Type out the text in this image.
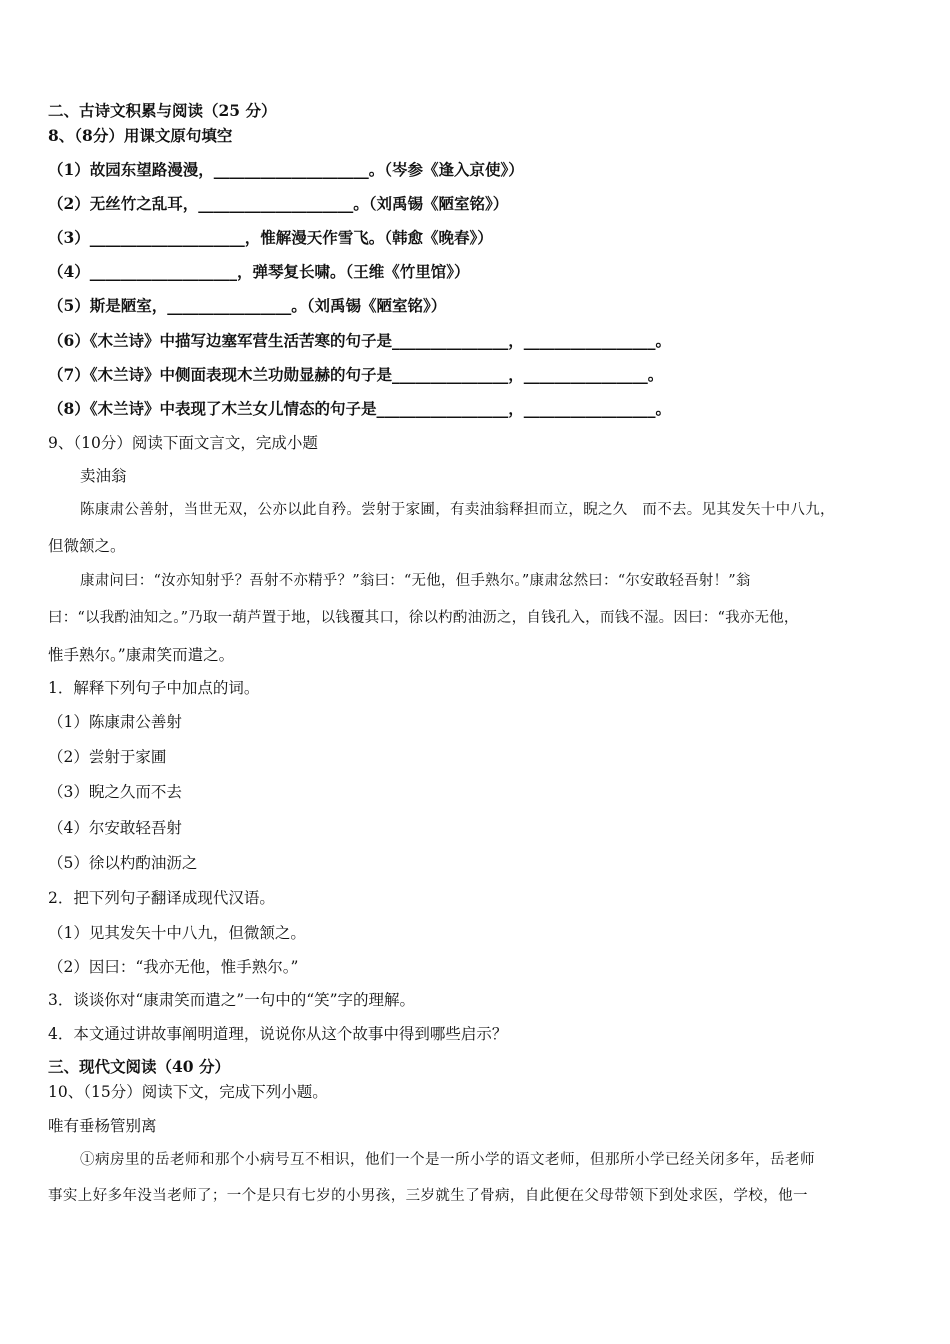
二、古诗文积累与阅读（25 分）
8、（8分）用课文原句填空
（1）故园东望路漫漫，____________________。（岑参《逢入京使》）
（2）无丝竹之乱耳，____________________。（刘禹锡《陋室铭》）
（3）____________________，惟解漫天作雪飞。（韩愈《晚春》）
（4）___________________，弹琴复长啸。（王维《竹里馆》）
（5）斯是陋室，________________。（刘禹锡《陋室铭》）
（6）《木兰诗》中描写边塞军营生活苦寒的句子是_______________，_________________。
（7）《木兰诗》中侧面表现木兰功勋显赫的句子是_______________，________________。
（8）《木兰诗》中表现了木兰女儿情态的句子是_________________，_________________。
9、（10分）阅读下面文言文，完成小题
卖油翁
陈康肃公善射，当世无双，公亦以此自矜。尝射于家圃，有卖油翁释担而立，睨之久　而不去。见其发矢十中八九，
但微颔之。
康肃问曰：“汝亦知射乎？吾射不亦精乎？”翁曰：“无他，但手熟尔。”康肃忿然曰：“尔安敢轻吾射！”翁
曰：“以我酌油知之。”乃取一葫芦置于地，以钱覆其口，徐以杓酌油沥之，自钱孔入，而钱不湿。因曰：“我亦无他，
惟手熟尔。”康肃笑而遣之。
1．解释下列句子中加点的词。
（1）陈康肃公善射
（2）尝射于家圃
（3）睨之久而不去
（4）尔安敢轻吾射
（5）徐以杓酌油沥之
2．把下列句子翻译成现代汉语。
（1）见其发矢十中八九，但微颔之。
（2）因曰：“我亦无他，惟手熟尔。”
3．谈谈你对“康肃笑而遣之”一句中的“笑”字的理解。
4．本文通过讲故事阐明道理，说说你从这个故事中得到哪些启示？
三、现代文阅读（40 分）
10、（15分）阅读下文，完成下列小题。
唯有垂杨管别离
①病房里的岳老师和那个小病号互不相识，他们一个是一所小学的语文老师，但那所小学已经关闭多年，岳老师
事实上好多年没当老师了；一个是只有七岁的小男孩，三岁就生了骨病，自此便在父母带领下到处求医，学校，他一
